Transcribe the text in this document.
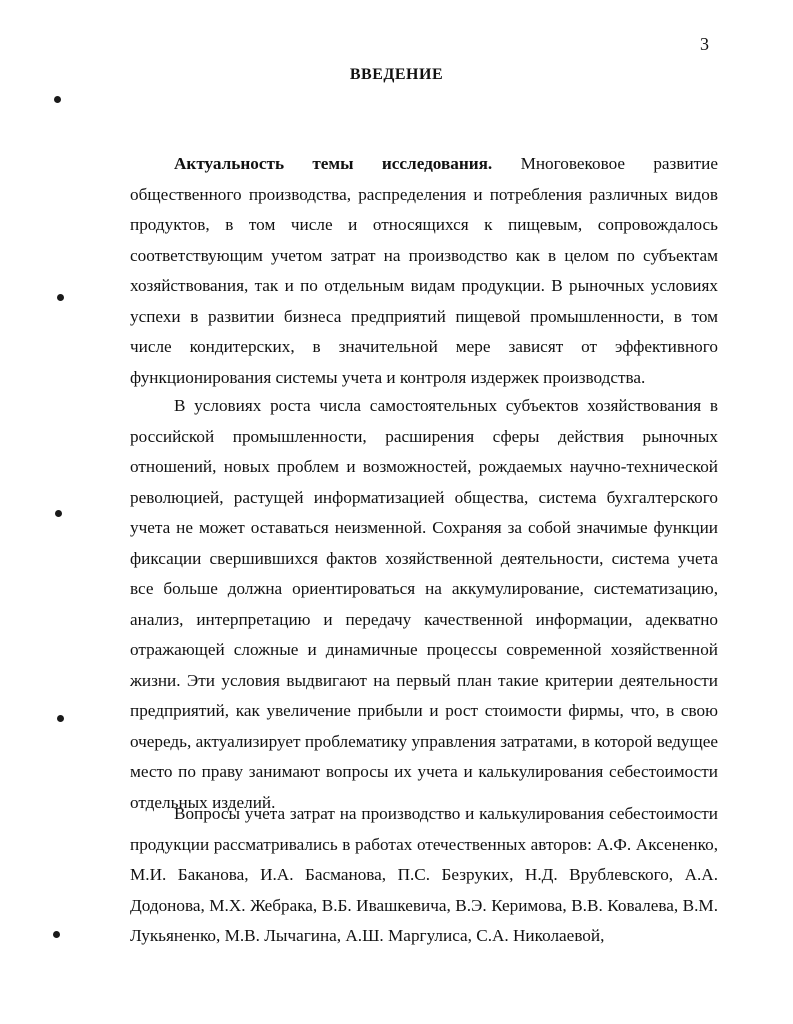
3
ВВЕДЕНИЕ

Актуальность темы исследования. Многовековое развитие общественного производства, распределения и потребления различных видов продуктов, в том числе и относящихся к пищевым, сопровождалось соответствующим учетом затрат на производство как в целом по субъектам хозяйствования, так и по отдельным видам продукции. В рыночных условиях успехи в развитии бизнеса предприятий пищевой промышленности, в том числе кондитерских, в значительной мере зависят от эффективного функционирования системы учета и контроля издержек производства.

В условиях роста числа самостоятельных субъектов хозяйствования в российской промышленности, расширения сферы действия рыночных отношений, новых проблем и возможностей, рождаемых научно-технической революцией, растущей информатизацией общества, система бухгалтерского учета не может оставаться неизменной. Сохраняя за собой значимые функции фиксации свершившихся фактов хозяйственной деятельности, система учета все больше должна ориентироваться на аккумулирование, систематизацию, анализ, интерпретацию и передачу качественной информации, адекватно отражающей сложные и динамичные процессы современной хозяйственной жизни. Эти условия выдвигают на первый план такие критерии деятельности предприятий, как увеличение прибыли и рост стоимости фирмы, что, в свою очередь, актуализирует проблематику управления затратами, в которой ведущее место по праву занимают вопросы их учета и калькулирования себестоимости отдельных изделий.

Вопросы учета затрат на производство и калькулирования себестоимости продукции рассматривались в работах отечественных авторов: А.Ф. Аксененко, М.И. Баканова, И.А. Басманова, П.С. Безруких, Н.Д. Врублевского, А.А. Додонова, М.Х. Жебрака, В.Б. Ивашкевича, В.Э. Керимова, В.В. Ковалева, В.М. Лукьяненко, М.В. Лычагина, А.Ш. Маргулиса, С.А. Николаевой,
